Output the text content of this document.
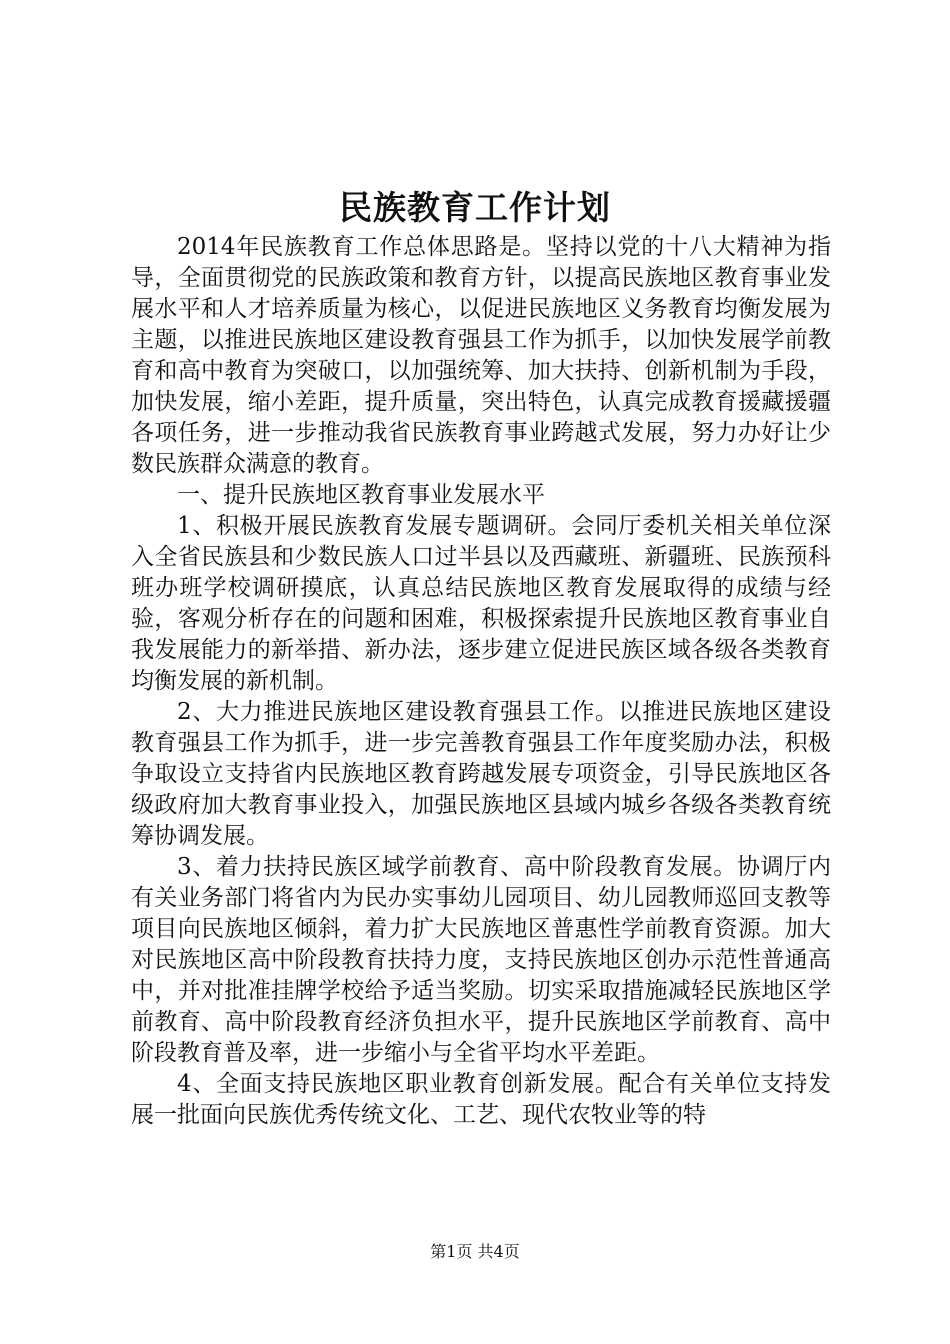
民族教育工作计划

2014年民族教育工作总体思路是。坚持以党的十八大精神为指导，全面贯彻党的民族政策和教育方针，以提高民族地区教育事业发展水平和人才培养质量为核心，以促进民族地区义务教育均衡发展为主题，以推进民族地区建设教育强县工作为抓手，以加快发展学前教育和高中教育为突破口，以加强统筹、加大扶持、创新机制为手段，加快发展，缩小差距，提升质量，突出特色，认真完成教育援藏援疆各项任务，进一步推动我省民族教育事业跨越式发展，努力办好让少数民族群众满意的教育。

一、提升民族地区教育事业发展水平

1、积极开展民族教育发展专题调研。会同厅委机关相关单位深入全省民族县和少数民族人口过半县以及西藏班、新疆班、民族预科班办班学校调研摸底，认真总结民族地区教育发展取得的成绩与经验，客观分析存在的问题和困难，积极探索提升民族地区教育事业自我发展能力的新举措、新办法，逐步建立促进民族区域各级各类教育均衡发展的新机制。

2、大力推进民族地区建设教育强县工作。以推进民族地区建设教育强县工作为抓手，进一步完善教育强县工作年度奖励办法，积极争取设立支持省内民族地区教育跨越发展专项资金，引导民族地区各级政府加大教育事业投入，加强民族地区县域内城乡各级各类教育统筹协调发展。

3、着力扶持民族区域学前教育、高中阶段教育发展。协调厅内有关业务部门将省内为民办实事幼儿园项目、幼儿园教师巡回支教等项目向民族地区倾斜，着力扩大民族地区普惠性学前教育资源。加大对民族地区高中阶段教育扶持力度，支持民族地区创办示范性普通高中，并对批准挂牌学校给予适当奖励。切实采取措施减轻民族地区学前教育、高中阶段教育经济负担水平，提升民族地区学前教育、高中阶段教育普及率，进一步缩小与全省平均水平差距。

4、全面支持民族地区职业教育创新发展。配合有关单位支持发展一批面向民族优秀传统文化、工艺、现代农牧业等的特

第1页 共4页
